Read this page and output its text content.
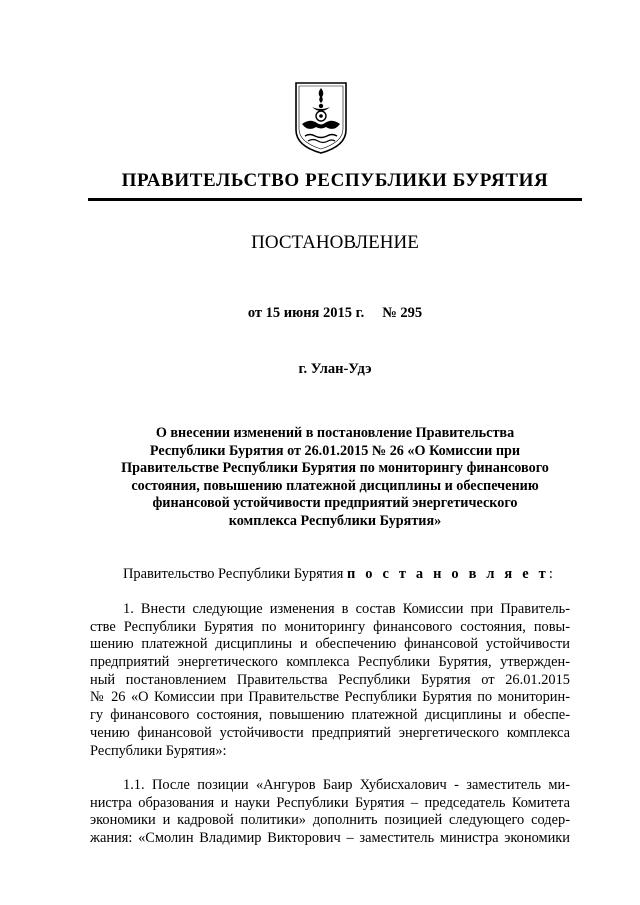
ПРАВИТЕЛЬСТВО РЕСПУБЛИКИ БУРЯТИЯ
ПОСТАНОВЛЕНИЕ
от 15 июня 2015 г. № 295
г. Улан-Удэ
О внесении изменений в постановление Правительства
Республики Бурятия от 26.01.2015 № 26 «О Комиссии при
Правительстве Республики Бурятия по мониторингу финансового
состояния, повышению платежной дисциплины и обеспечению
финансовой устойчивости предприятий энергетического
комплекса Республики Бурятия»
Правительство Республики Бурятия п о с т а н о в л я е т:
1. Внести следующие изменения в состав Комиссии при Правитель-
стве Республики Бурятия по мониторингу финансового состояния, повы-
шению платежной дисциплины и обеспечению финансовой устойчивости
предприятий энергетического комплекса Республики Бурятия, утвержден-
ный постановлением Правительства Республики Бурятия от 26.01.2015
№ 26 «О Комиссии при Правительстве Республики Бурятия по мониторин-
гу финансового состояния, повышению платежной дисциплины и обеспе-
чению финансовой устойчивости предприятий энергетического комплекса
Республики Бурятия»:
1.1. После позиции «Ангуров Баир Хубисхалович - заместитель ми-
нистра образования и науки Республики Бурятия – председатель Комитета
экономики и кадровой политики» дополнить позицией следующего содер-
жания: «Смолин Владимир Викторович – заместитель министра экономики
